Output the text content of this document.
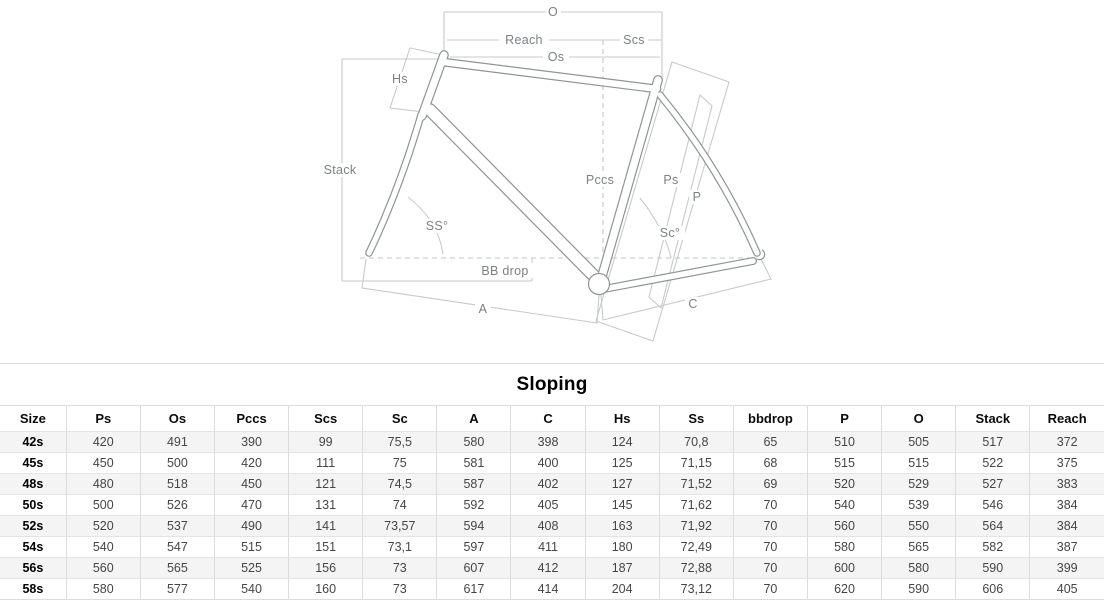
O
Reach	Scs
Os
Hs
Stack
Pccs	Ps
P
SS°	Sc°
BB drop
A	C
Sloping
Size	Ps	Os	Pccs	Scs	Sc	A	C	Hs	Ss	bbdrop	P	O	Stack	Reach
42s	420	491	390	99	75,5	580	398	124	70,8	65	510	505	517	372
45s	450	500	420	111	75	581	400	125	71,15	68	515	515	522	375
48s	480	518	450	121	74,5	587	402	127	71,52	69	520	529	527	383
50s	500	526	470	131	74	592	405	145	71,62	70	540	539	546	384
52s	520	537	490	141	73,57	594	408	163	71,92	70	560	550	564	384
54s	540	547	515	151	73,1	597	411	180	72,49	70	580	565	582	387
56s	560	565	525	156	73	607	412	187	72,88	70	600	580	590	399
58s	580	577	540	160	73	617	414	204	73,12	70	620	590	606	405
